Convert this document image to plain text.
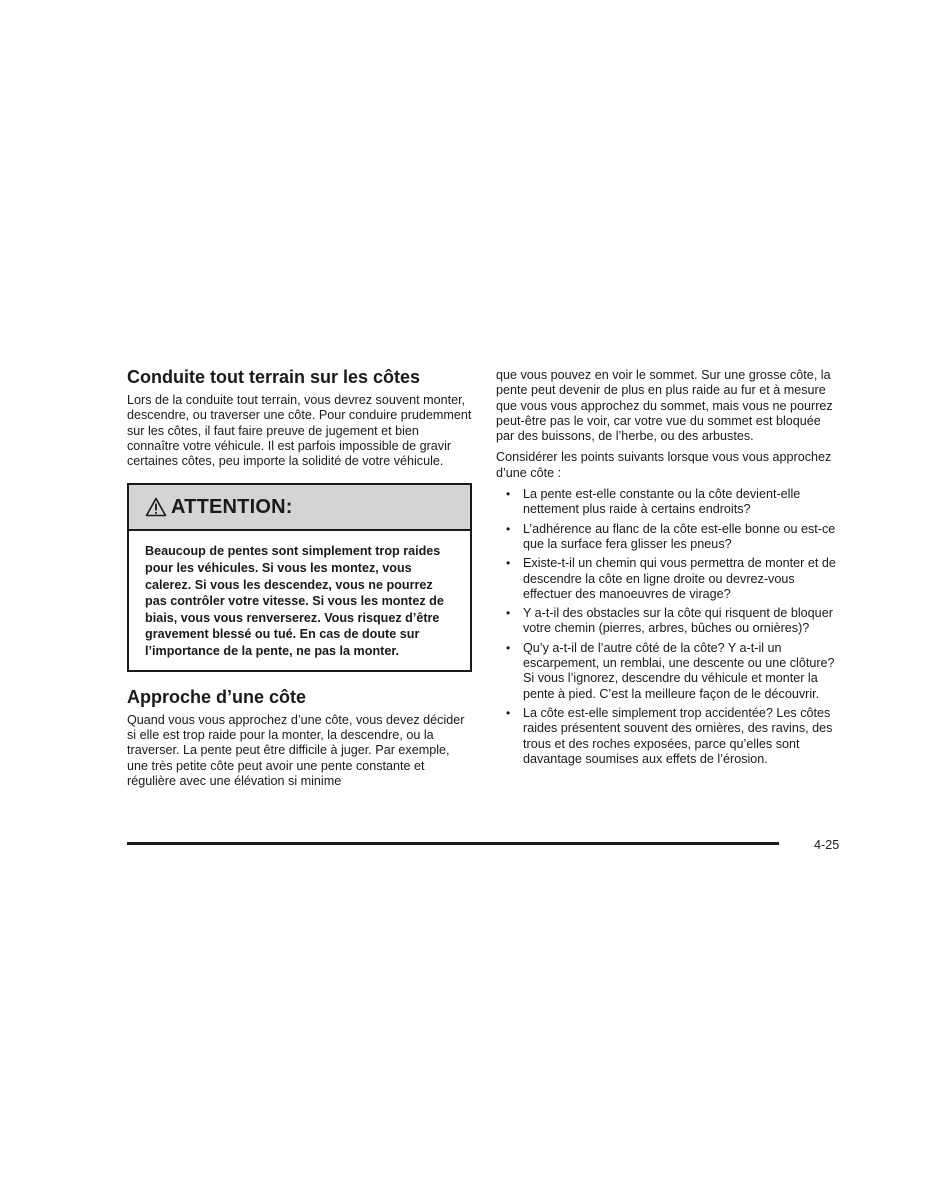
Conduite tout terrain sur les côtes

Lors de la conduite tout terrain, vous devrez souvent monter, descendre, ou traverser une côte. Pour conduire prudemment sur les côtes, il faut faire preuve de jugement et bien connaître votre véhicule. Il est parfois impossible de gravir certaines côtes, peu importe la solidité de votre véhicule.

ATTENTION:
Beaucoup de pentes sont simplement trop raides pour les véhicules. Si vous les montez, vous calerez. Si vous les descendez, vous ne pourrez pas contrôler votre vitesse. Si vous les montez de biais, vous vous renverserez. Vous risquez d’être gravement blessé ou tué. En cas de doute sur l’importance de la pente, ne pas la monter.
Approche d’une côte

Quand vous vous approchez d’une côte, vous devez décider si elle est trop raide pour la monter, la descendre, ou la traverser. La pente peut être difficile à juger. Par exemple, une très petite côte peut avoir une pente constante et régulière avec une élévation si minime

que vous pouvez en voir le sommet. Sur une grosse côte, la pente peut devenir de plus en plus raide au fur et à mesure que vous vous approchez du sommet, mais vous ne pourrez peut-être pas le voir, car votre vue du sommet est bloquée par des buissons, de l’herbe, ou des arbustes.

Considérer les points suivants lorsque vous vous approchez d’une côte :

• La pente est-elle constante ou la côte devient-elle nettement plus raide à certains endroits?
• L’adhérence au flanc de la côte est-elle bonne ou est-ce que la surface fera glisser les pneus?
• Existe-t-il un chemin qui vous permettra de monter et de descendre la côte en ligne droite ou devrez-vous effectuer des manoeuvres de virage?
• Y a-t-il des obstacles sur la côte qui risquent de bloquer votre chemin (pierres, arbres, bûches ou ornières)?
• Qu’y a-t-il de l’autre côté de la côte? Y a-t-il un escarpement, un remblai, une descente ou une clôture? Si vous l’ignorez, descendre du véhicule et monter la pente à pied. C’est la meilleure façon de le découvrir.
• La côte est-elle simplement trop accidentée? Les côtes raides présentent souvent des ornières, des ravins, des trous et des roches exposées, parce qu’elles sont davantage soumises aux effets de l’érosion.
4-25
